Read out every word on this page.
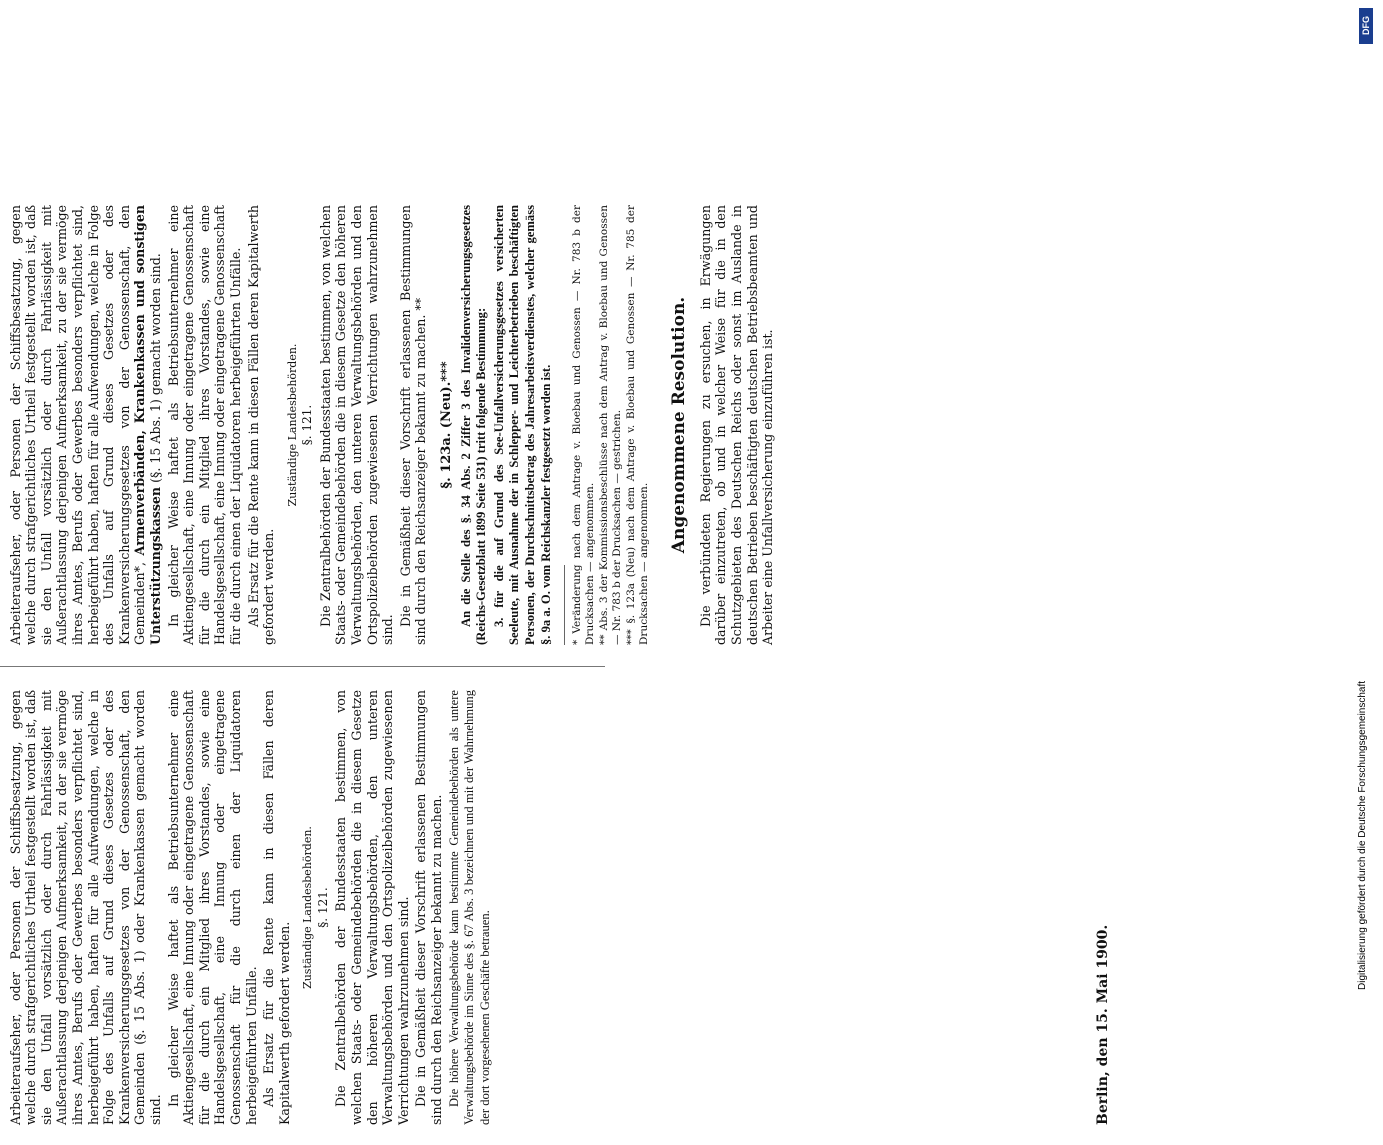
Arbeiteraufseher, oder Personen der Schiffsbesatzung, gegen welche durch strafgerichtliches Urtheil festgestellt worden ist, daß sie den Unfall vorsätzlich oder durch Fahrlässigkeit mit Außerachtlassung derjenigen Aufmerksamkeit, zu der sie vermöge ihres Amtes, Berufs oder Gewerbes besonders verpflichtet sind, herbeigeführt haben, haften für alle Aufwendungen, welche in Folge des Unfalls auf Grund dieses Gesetzes oder des Krankenversicherungsgesetzes von der Genossenschaft, den Gemeinden (§. 15 Abs. 1) oder Krankenkassen gemacht worden sind.

In gleicher Weise haftet als Betriebsunternehmer eine Aktiengesellschaft, eine Innung oder eingetragene Genossenschaft für die durch ein Mitglied ihres Vorstandes, sowie eine Handelsgesellschaft, eine Innung oder eingetragene Genossenschaft für die durch einen der Liquidatoren herbeigeführten Unfälle. Als Ersatz für die Rente kann in diesen Fällen deren Kapitalwerth gefordert werden.

Zuständige Landesbehörden. §. 121. Die Zentralbehörden der Bundesstaaten bestimmen, von welchen Staats- oder Gemeindebehörden die in diesem Gesetze den höheren Verwaltungsbehörden, den unteren Verwaltungsbehörden und den Ortspolizeibehörden zugewiesenen Verrichtungen wahrzunehmen sind. Die in Gemäßheit dieser Vorschrift erlassenen Bestimmungen sind durch den Reichsanzeiger bekannt zu machen. Die höhere Verwaltungsbehörde kann bestimmte Gemeindebehörden als untere Verwaltungsbehörde im Sinne des §. 67 Abs. 3 bezeichnen und mit der Wahrnehmung der dort vorgesehenen Geschäfte betrauen.

Arbeiteraufseher, oder Personen der Schiffsbesatzung, gegen welche durch strafgerichtliches Urtheil festgestellt worden ist, daß sie den Unfall vorsätzlich oder durch Fahrlässigkeit mit Außerachtlassung derjenigen Aufmerksamkeit, zu der sie vermöge ihres Amtes, Berufs oder Gewerbes besonders verpflichtet sind, herbeigeführt haben, haften für alle Aufwendungen, welche in Folge des Unfalls auf Grund dieses Gesetzes oder des Krankenversicherungsgesetzes von der Genossenschaft, den Gemeinden*, Armenverbänden, Krankenkassen und sonstigen Unterstützungskassen (§. 15 Abs. 1) gemacht worden sind. In gleicher Weise haftet als Betriebsunternehmer eine Aktiengesellschaft, eine Innung oder eingetragene Genossenschaft für die durch ein Mitglied ihres Vorstandes, sowie eine Handelsgesellschaft, eine Innung oder eingetragene Genossenschaft für die durch einen der Liquidatoren herbeigeführten Unfälle. Als Ersatz für die Rente kann in diesen Fällen deren Kapitalwerth gefordert werden.

Zuständige Landesbehörden. §. 121. Die Zentralbehörden der Bundesstaaten bestimmen, von welchen Staats- oder Gemeindebehörden die in diesem Gesetze den höheren Verwaltungsbehörden, den unteren Verwaltungsbehörden und den Ortspolizeibehörden zugewiesenen Verrichtungen wahrzunehmen sind.

Die in Gemäßheit dieser Vorschrift erlassenen Bestimmungen sind durch den Reichsanzeiger bekannt zu machen. **

§. 123a. (Neu).*** An die Stelle des §. 34 Abs. 2 Ziffer 3 des Invalidenversicherungsgesetzes (Reichs-Gesetzblatt 1899 Seite 531) tritt folgende Bestimmung: 3. für die auf Grund des See-Unfallversicherungsgesetzes versicherten Seeleute, mit Ausnahme der in Schlepper- und Leichterbetrieben beschäftigten Personen, der Durchschnittsbetrag des Jahresarbeitsverdienstes, welcher gemäss §. 9a a. O. vom Reichskanzler festgesetzt worden ist. * Veränderung nach dem Antrage v. Bloebau und Genossen — Nr. 783 b der Drucksachen — angenommen. ** Abs. 3 der Kommissionsbeschlüsse nach dem Antrag v. Bloebau und Genossen — Nr. 783 b der Drucksachen — gestrichen. *** §. 123a (Neu) nach dem Antrage v. Bloebau und Genossen — Nr. 785 der Drucksachen — angenommen.

Angenommene Resolution. Die verbündeten Regierungen zu ersuchen, in Erwägungen darüber einzutreten, ob und in welcher Weise für die in den Schutzgebieten des Deutschen Reichs oder sonst im Auslande in deutschen Betrieben beschäftigten deutschen Betriebsbeamten und Arbeiter eine Unfallversicherung einzuführen ist.

Berlin, den 15. Mai 1900.
DFG
Digitalisierung gefördert durch die Deutsche Forschungsgemeinschaft
